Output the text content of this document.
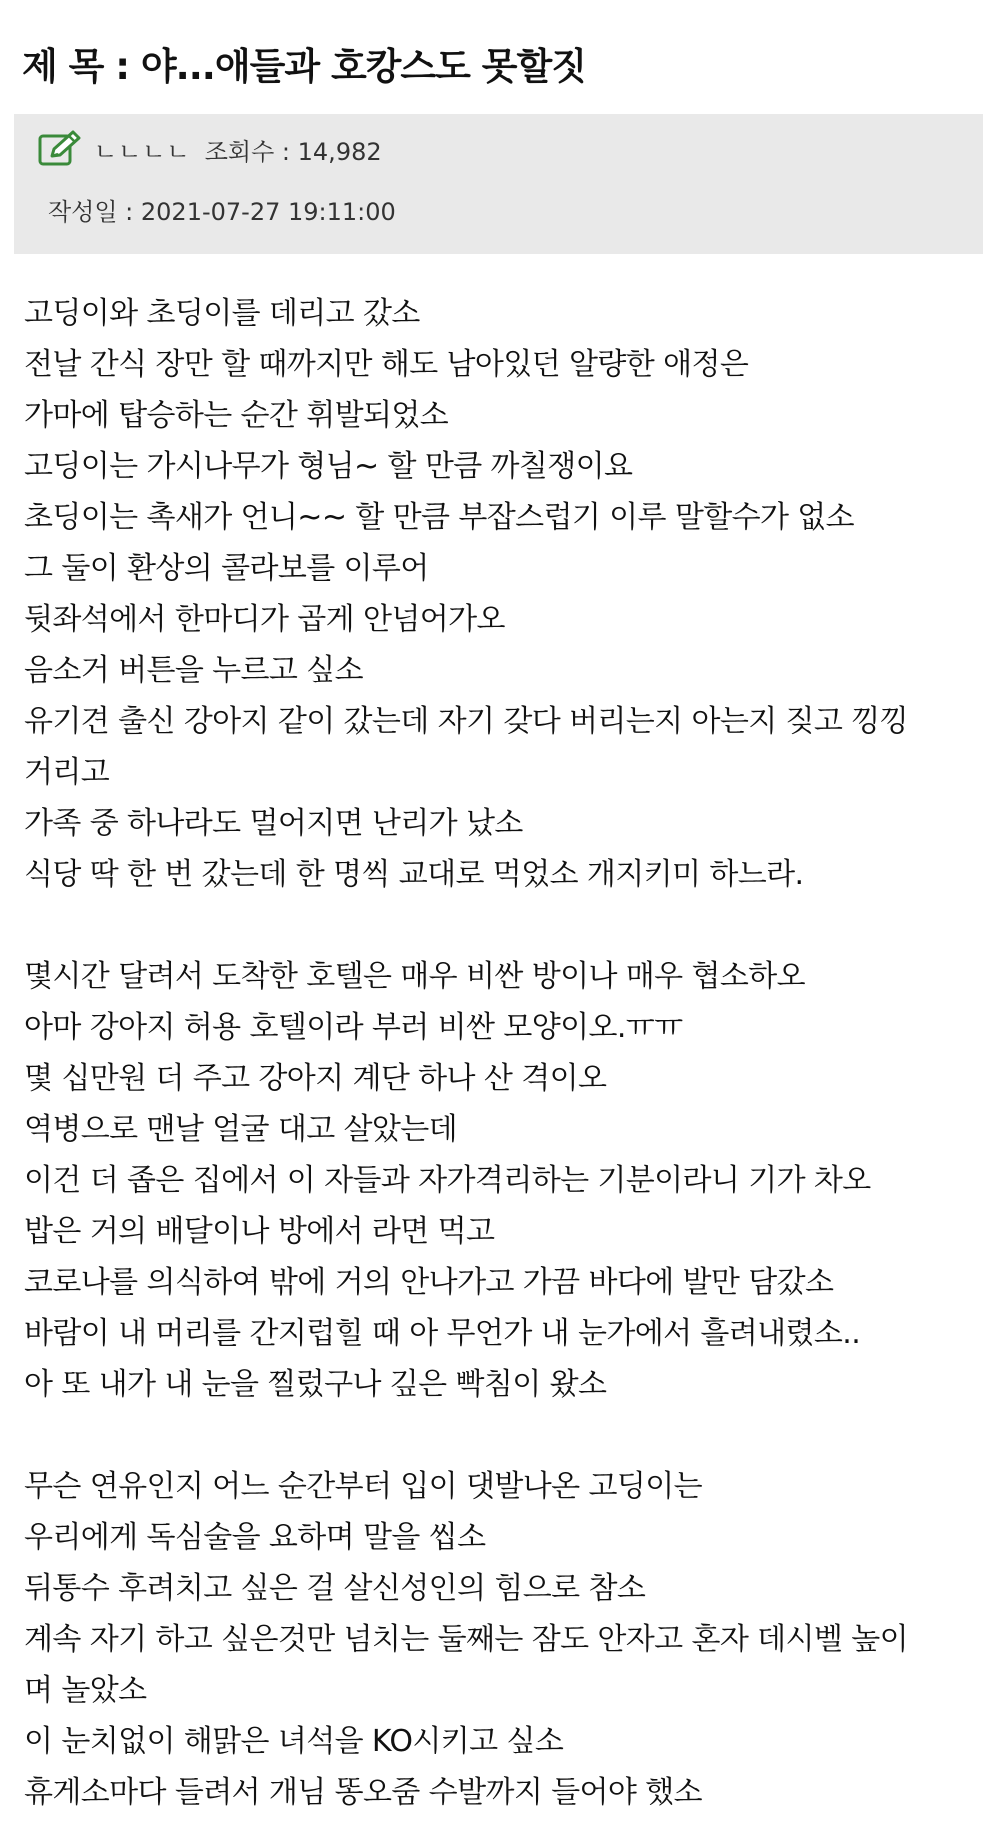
제 목 : 야...애들과 호캉스도 못할짓
ㄴㄴㄴㄴ 조회수 : 14,982
작성일 : 2021-07-27 19:11:00
고딩이와 초딩이를 데리고 갔소
전날 간식 장만 할 때까지만 해도 남아있던 알량한 애정은
가마에 탑승하는 순간 휘발되었소
고딩이는 가시나무가 형님~ 할 만큼 까칠쟁이요
초딩이는 촉새가 언니~~ 할 만큼 부잡스럽기 이루 말할수가 없소
그 둘이 환상의 콜라보를 이루어
뒷좌석에서 한마디가 곱게 안넘어가오
음소거 버튼을 누르고 싶소
유기견 출신 강아지 같이 갔는데 자기 갖다 버리는지 아는지 짖고 낑낑
거리고
가족 중 하나라도 멀어지면 난리가 났소
식당 딱 한 번 갔는데 한 명씩 교대로 먹었소 개지키미 하느라.
몇시간 달려서 도착한 호텔은 매우 비싼 방이나 매우 협소하오
아마 강아지 허용 호텔이라 부러 비싼 모양이오.ㅠㅠ
몇 십만원 더 주고 강아지 계단 하나 산 격이오
역병으로 맨날 얼굴 대고 살았는데
이건 더 좁은 집에서 이 자들과 자가격리하는 기분이라니 기가 차오
밥은 거의 배달이나 방에서 라면 먹고
코로나를 의식하여 밖에 거의 안나가고 가끔 바다에 발만 담갔소
바람이 내 머리를 간지럽힐 때 아 무언가 내 눈가에서 흘려내렸소..
아 또 내가 내 눈을 찔렀구나 깊은 빡침이 왔소
무슨 연유인지 어느 순간부터 입이 댓발나온 고딩이는
우리에게 독심술을 요하며 말을 씹소
뒤통수 후려치고 싶은 걸 살신성인의 힘으로 참소
계속 자기 하고 싶은것만 넘치는 둘째는 잠도 안자고 혼자 데시벨 높이
며 놀았소
이 눈치없이 해맑은 녀석을 KO시키고 싶소
휴게소마다 들려서 개님 똥오줌 수발까지 들어야 했소
